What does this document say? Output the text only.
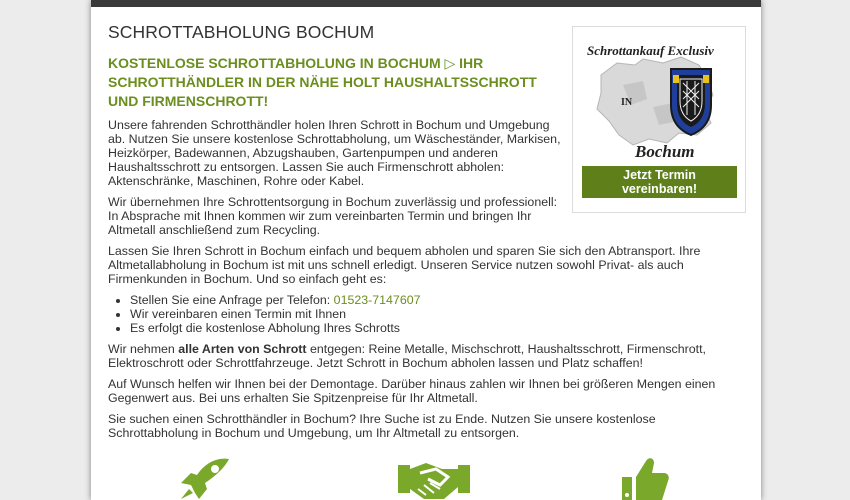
SCHROTTABHOLUNG BOCHUM
KOSTENLOSE SCHROTTABHOLUNG IN BOCHUM ▷ IHR SCHROTTHÄNDLER IN DER NÄHE HOLT HAUSHALTSSCHROTT UND FIRMENSCHROTT!

Unsere fahrenden Schrotthändler holen Ihren Schrott in Bochum und Umgebung ab. Nutzen Sie unsere kostenlose Schrottabholung, um Wäscheständer, Markisen, Heizkörper, Badewannen, Abzugshauben, Gartenpumpen und anderen Haushaltsschrott zu entsorgen. Lassen Sie auch Firmenschrott abholen: Aktenschränke, Maschinen, Rohre oder Kabel.

Wir übernehmen Ihre Schrottentsorgung in Bochum zuverlässig und professionell: In Absprache mit Ihnen kommen wir zum vereinbarten Termin und bringen Ihr Altmetall anschließend zum Recycling.

Lassen Sie Ihren Schrott in Bochum einfach und bequem abholen und sparen Sie sich den Abtransport. Ihre Altmetallabholung in Bochum ist mit uns schnell erledigt. Unseren Service nutzen sowohl Privat- als auch Firmenkunden in Bochum. Und so einfach geht es:

• Stellen Sie eine Anfrage per Telefon: 01523-7147607
• Wir vereinbaren einen Termin mit Ihnen
• Es erfolgt die kostenlose Abholung Ihres Schrotts

Wir nehmen alle Arten von Schrott entgegen: Reine Metalle, Mischschrott, Haushaltsschrott, Firmenschrott, Elektroschrott oder Schrottfahrzeuge. Jetzt Schrott in Bochum abholen lassen und Platz schaffen!

Auf Wunsch helfen wir Ihnen bei der Demontage. Darüber hinaus zahlen wir Ihnen bei größeren Mengen einen Gegenwert aus. Bei uns erhalten Sie Spitzenpreise für Ihr Altmetall.

Sie suchen einen Schrotthändler in Bochum? Ihre Suche ist zu Ende. Nutzen Sie unsere kostenlose Schrottabholung in Bochum und Umgebung, um Ihr Altmetall zu entsorgen.

Schrottankauf Exclusiv
IN
Bochum
Jetzt Termin vereinbaren!
